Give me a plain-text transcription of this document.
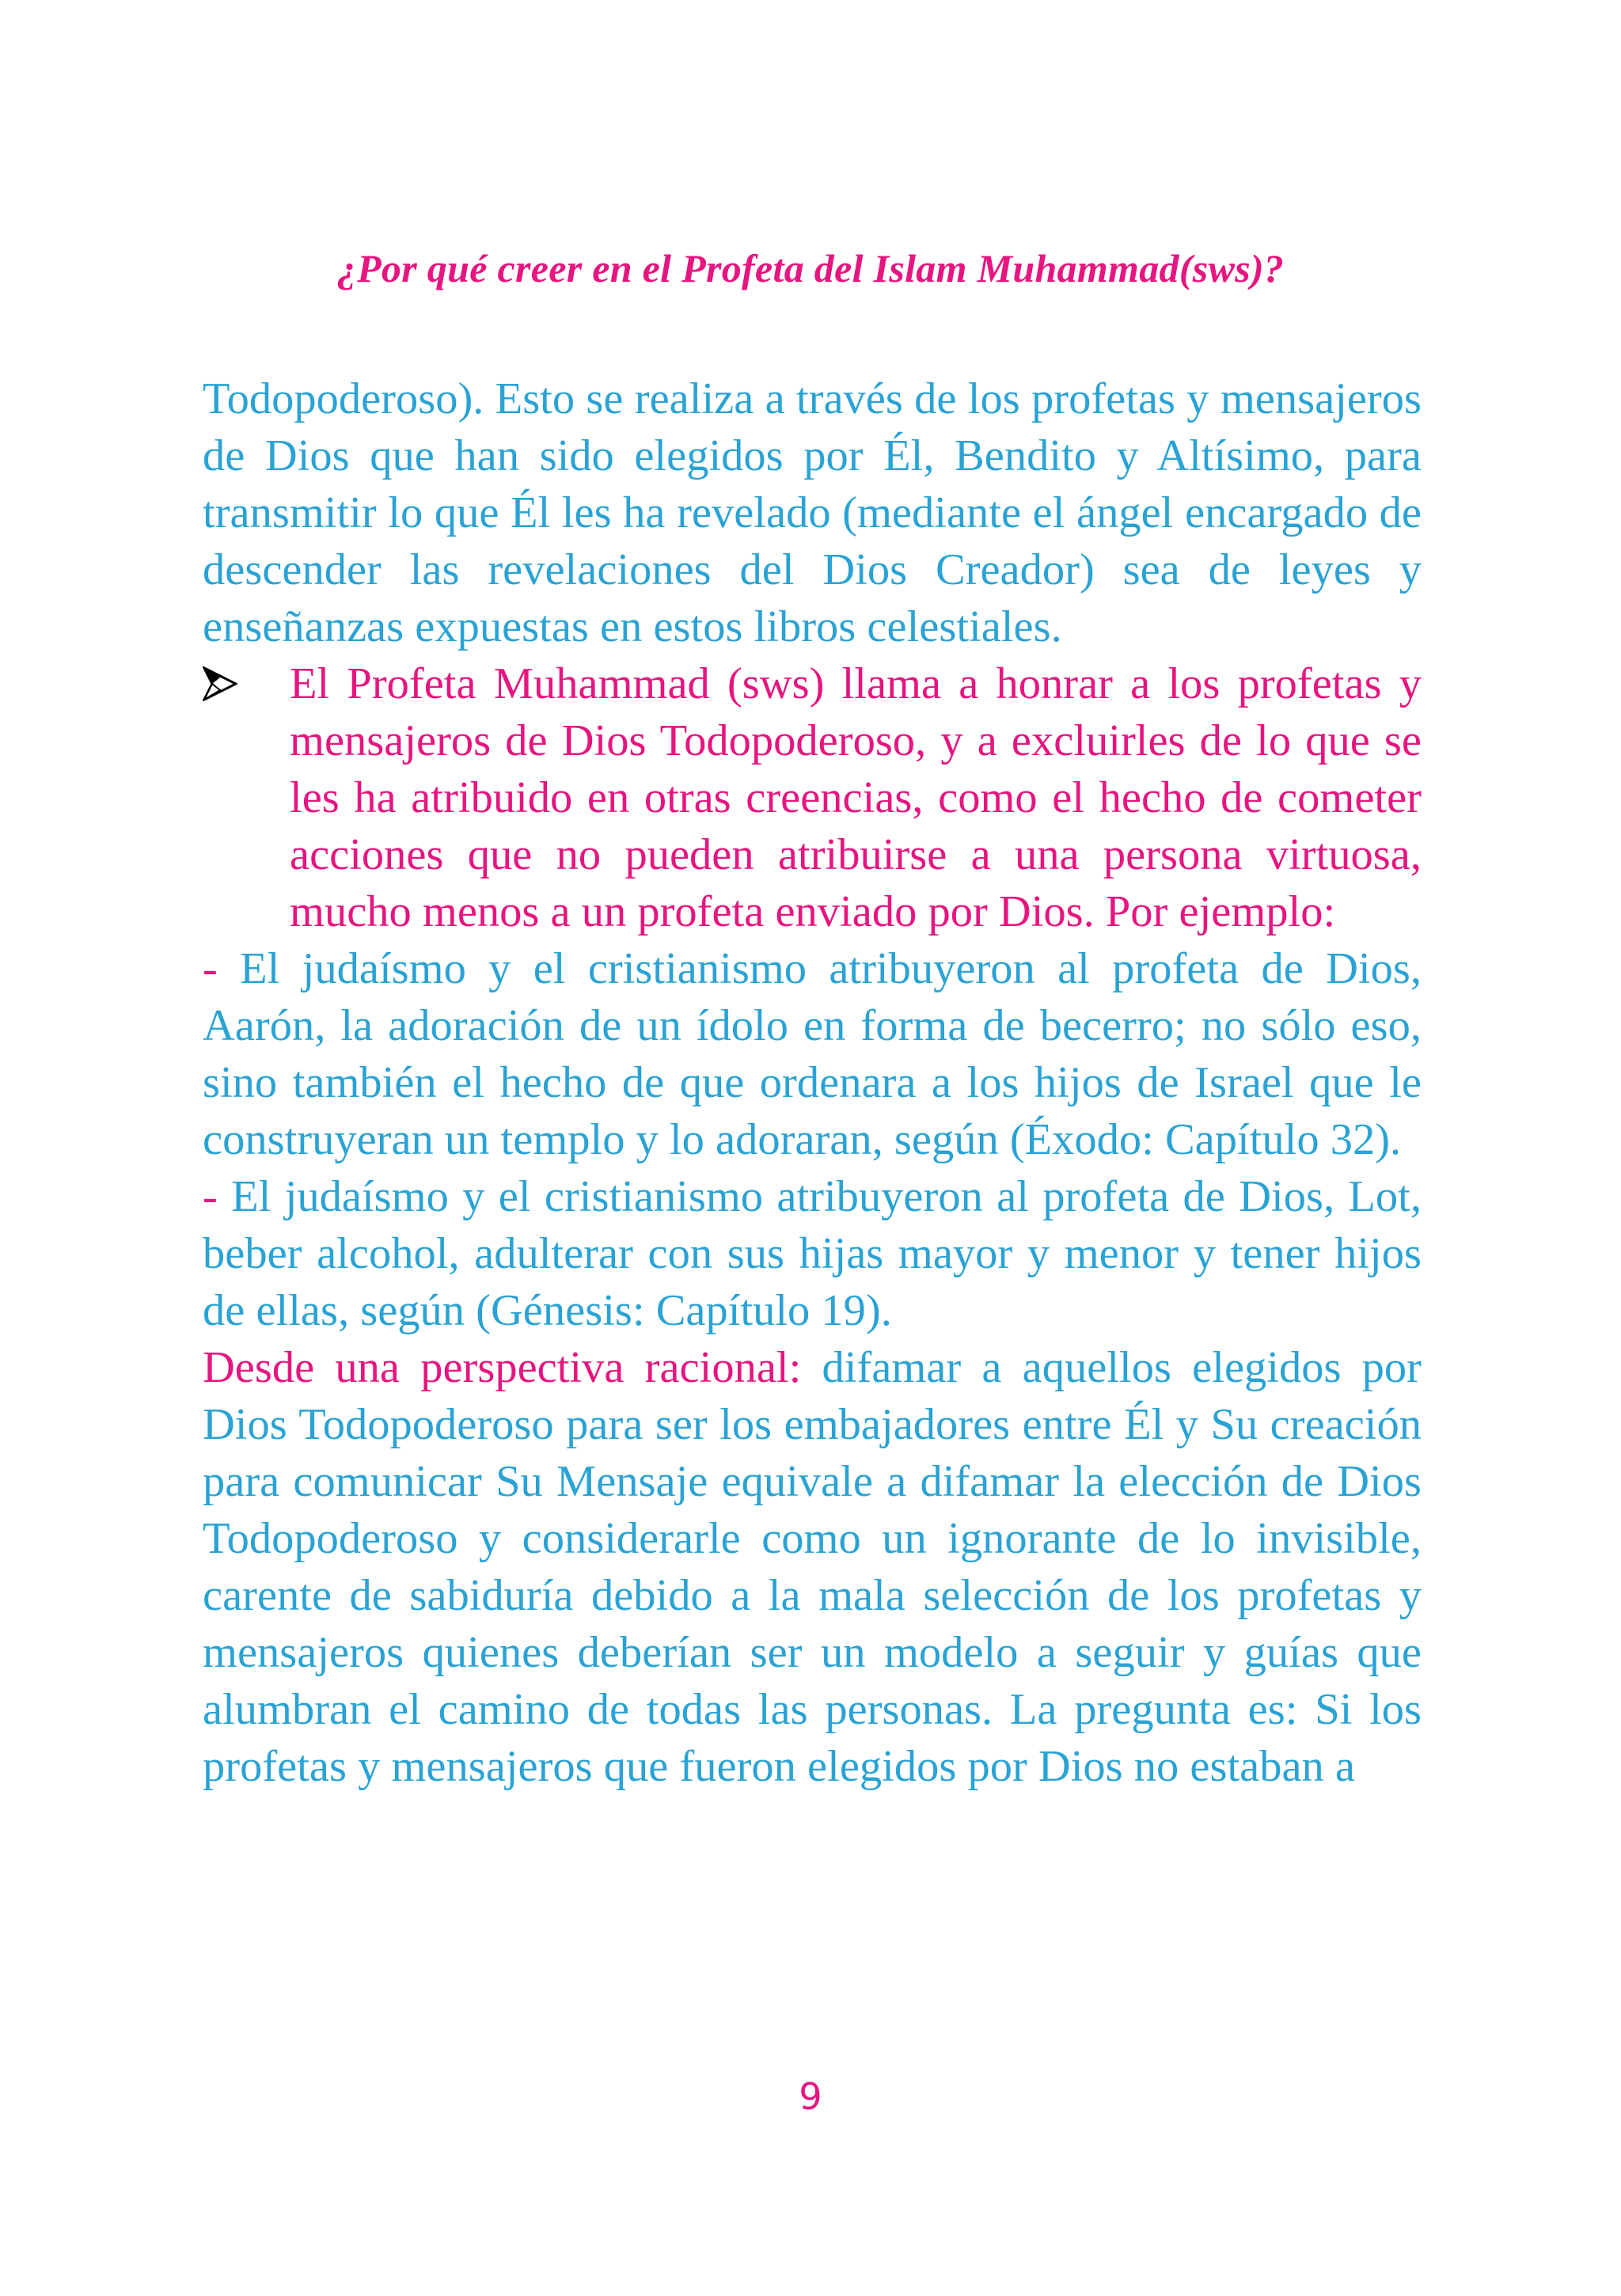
¿Por qué creer en el Profeta del Islam Muhammad(sws)?

Todopoderoso). Esto se realiza a través de los profetas y mensajeros de Dios que han sido elegidos por Él, Bendito y Altísimo, para transmitir lo que Él les ha revelado (mediante el ángel encargado de descender las revelaciones del Dios Creador) sea de leyes y enseñanzas expuestas en estos libros celestiales.

El Profeta Muhammad (sws) llama a honrar a los profetas y mensajeros de Dios Todopoderoso, y a excluirles de lo que se les ha atribuido en otras creencias, como el hecho de cometer acciones que no pueden atribuirse a una persona virtuosa, mucho menos a un profeta enviado por Dios. Por ejemplo:

- El judaísmo y el cristianismo atribuyeron al profeta de Dios, Aarón, la adoración de un ídolo en forma de becerro; no sólo eso, sino también el hecho de que ordenara a los hijos de Israel que le construyeran un templo y lo adoraran, según (Éxodo: Capítulo 32).

- El judaísmo y el cristianismo atribuyeron al profeta de Dios, Lot, beber alcohol, adulterar con sus hijas mayor y menor y tener hijos de ellas, según (Génesis: Capítulo 19).

Desde una perspectiva racional: difamar a aquellos elegidos por Dios Todopoderoso para ser los embajadores entre Él y Su creación para comunicar Su Mensaje equivale a difamar la elección de Dios Todopoderoso y considerarle como un ignorante de lo invisible, carente de sabiduría debido a la mala selección de los profetas y mensajeros quienes deberían ser un modelo a seguir y guías que alumbran el camino de todas las personas. La pregunta es: Si los profetas y mensajeros que fueron elegidos por Dios no estaban a

9
